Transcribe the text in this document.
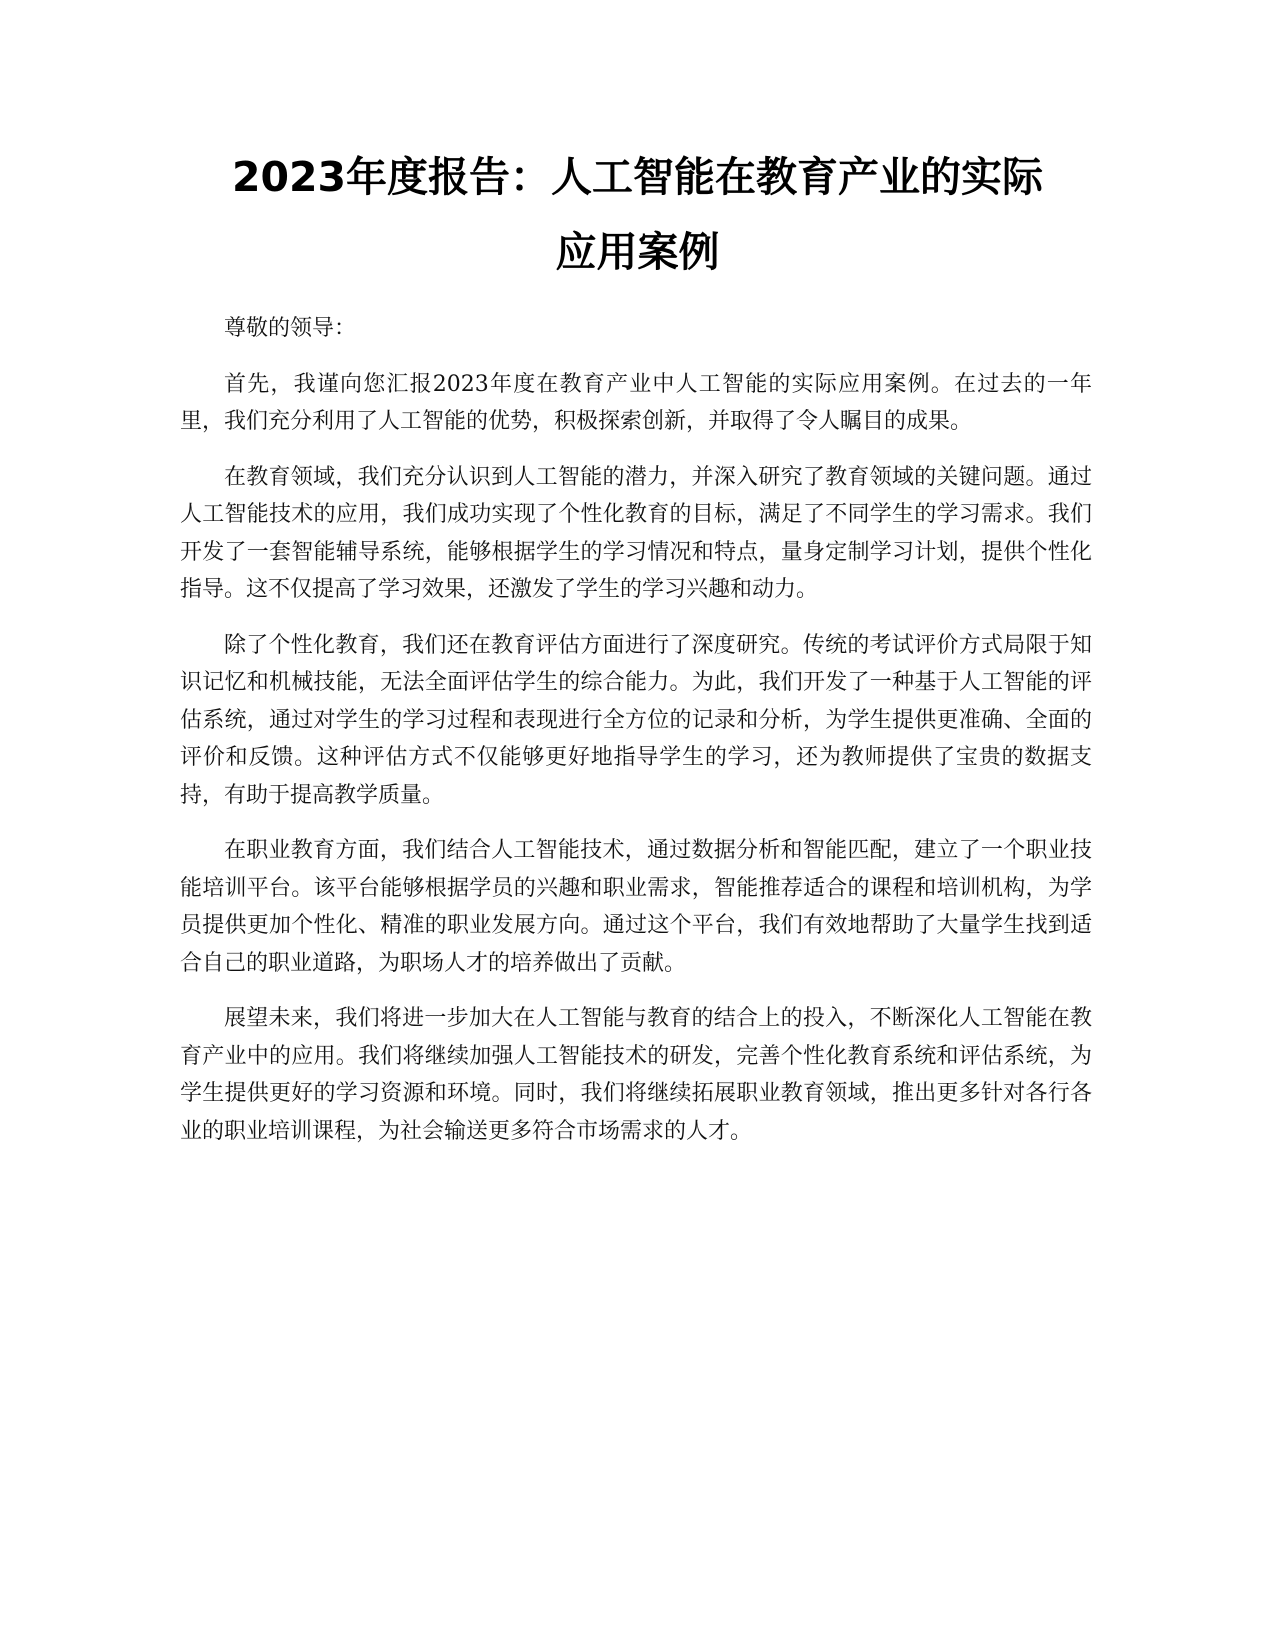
2023年度报告：人工智能在教育产业的实际
应用案例

尊敬的领导：

首先，我谨向您汇报2023年度在教育产业中人工智能的实际应用案例。在过去的一年里，我们充分利用了人工智能的优势，积极探索创新，并取得了令人瞩目的成果。

在教育领域，我们充分认识到人工智能的潜力，并深入研究了教育领域的关键问题。通过人工智能技术的应用，我们成功实现了个性化教育的目标，满足了不同学生的学习需求。我们开发了一套智能辅导系统，能够根据学生的学习情况和特点，量身定制学习计划，提供个性化指导。这不仅提高了学习效果，还激发了学生的学习兴趣和动力。

除了个性化教育，我们还在教育评估方面进行了深度研究。传统的考试评价方式局限于知识记忆和机械技能，无法全面评估学生的综合能力。为此，我们开发了一种基于人工智能的评估系统，通过对学生的学习过程和表现进行全方位的记录和分析，为学生提供更准确、全面的评价和反馈。这种评估方式不仅能够更好地指导学生的学习，还为教师提供了宝贵的数据支持，有助于提高教学质量。

在职业教育方面，我们结合人工智能技术，通过数据分析和智能匹配，建立了一个职业技能培训平台。该平台能够根据学员的兴趣和职业需求，智能推荐适合的课程和培训机构，为学员提供更加个性化、精准的职业发展方向。通过这个平台，我们有效地帮助了大量学生找到适合自己的职业道路，为职场人才的培养做出了贡献。

展望未来，我们将进一步加大在人工智能与教育的结合上的投入，不断深化人工智能在教育产业中的应用。我们将继续加强人工智能技术的研发，完善个性化教育系统和评估系统，为学生提供更好的学习资源和环境。同时，我们将继续拓展职业教育领域，推出更多针对各行各业的职业培训课程，为社会输送更多符合市场需求的人才。
